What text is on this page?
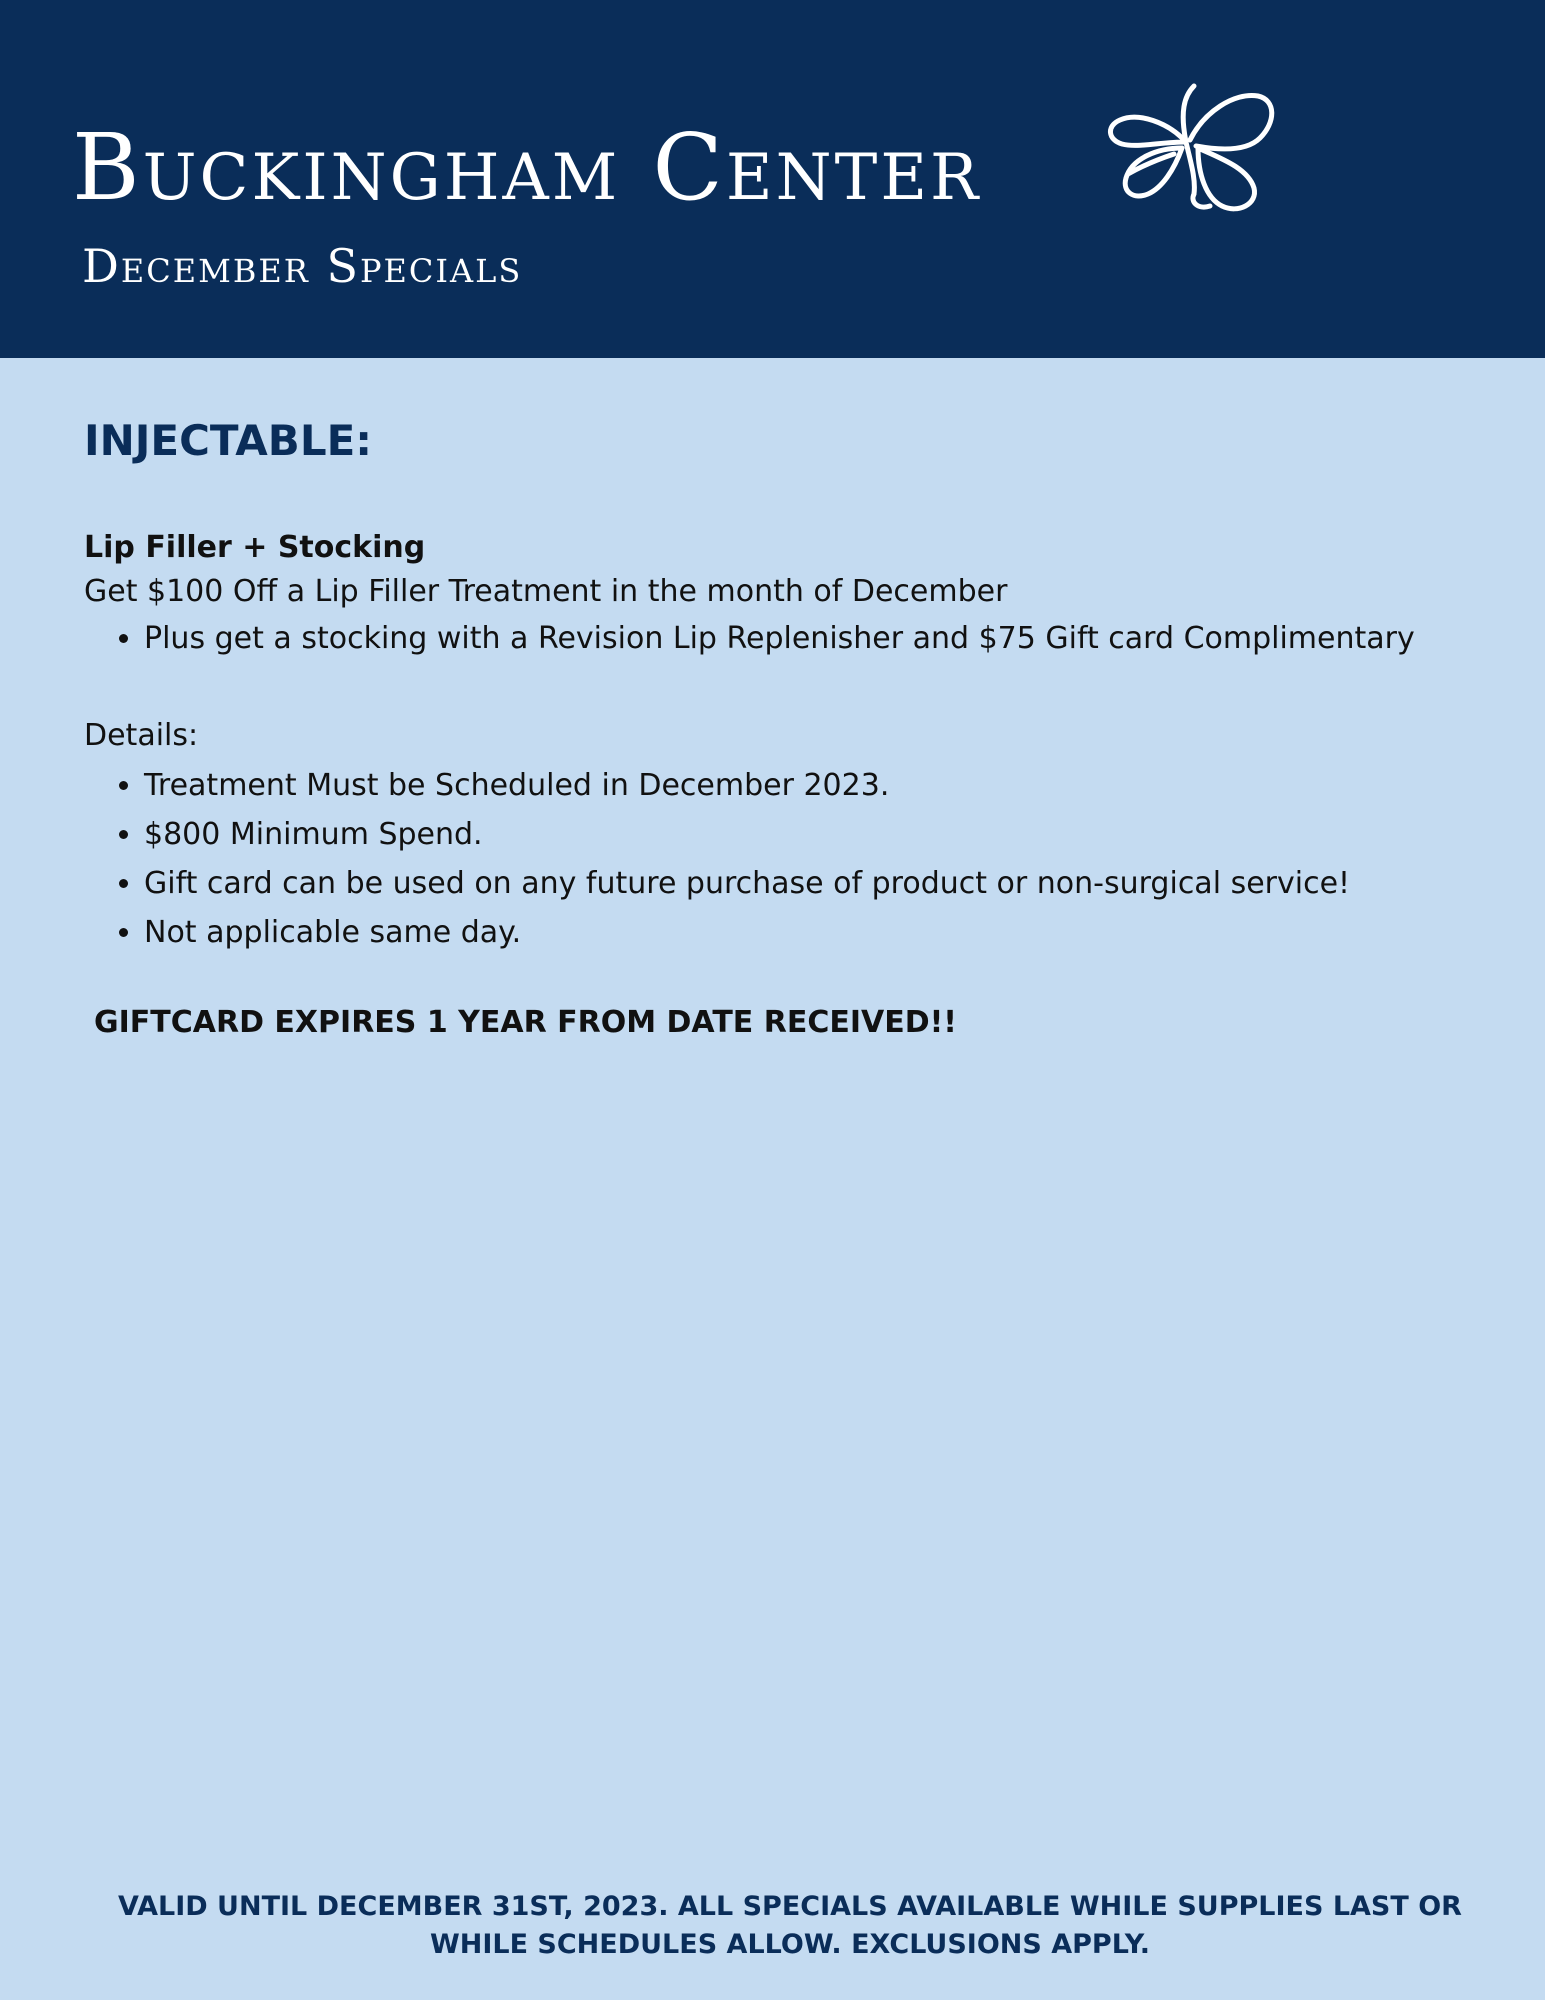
Buckingham Center
December Specials
INJECTABLE:
Lip Filler + Stocking
Get $100 Off a Lip Filler Treatment in the month of December
• Plus get a stocking with a Revision Lip Replenisher and $75 Gift card Complimentary
Details:
• Treatment Must be Scheduled in December 2023.
• $800 Minimum Spend.
• Gift card can be used on any future purchase of product or non-surgical service!
• Not applicable same day.
GIFTCARD EXPIRES 1 YEAR FROM DATE RECEIVED!!
VALID UNTIL DECEMBER 31ST, 2023. ALL SPECIALS AVAILABLE WHILE SUPPLIES LAST OR WHILE SCHEDULES ALLOW. EXCLUSIONS APPLY.
